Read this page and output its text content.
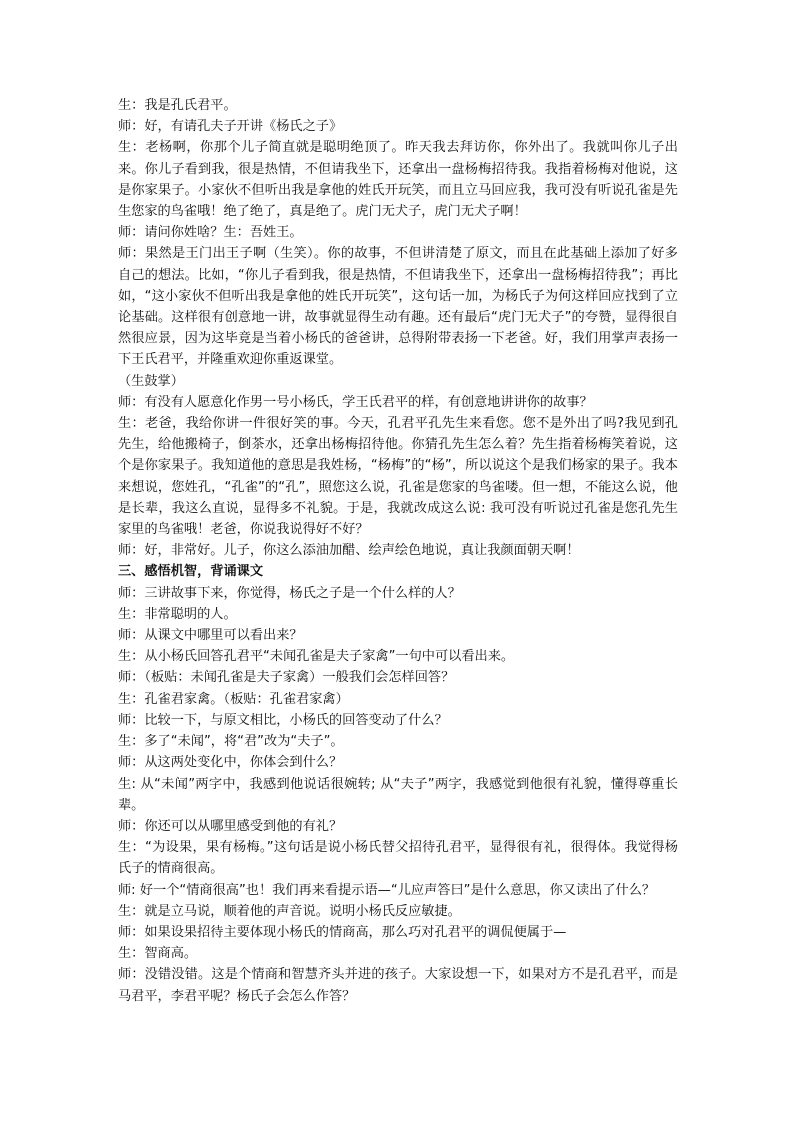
生：我是孔氏君平。

师：好，有请孔夫子开讲《杨氏之子》

生：老杨啊，你那个儿子简直就是聪明绝顶了。昨天我去拜访你，你外出了。我就叫你儿子出来。你儿子看到我，很是热情，不但请我坐下，还拿出一盘杨梅招待我。我指着杨梅对他说，这是你家果子。小家伙不但听出我是拿他的姓氏开玩笑，而且立马回应我，我可没有听说孔雀是先生您家的鸟雀哦！绝了绝了，真是绝了。虎门无犬子，虎门无犬子啊！

师：请问你姓啥？生：吾姓王。

师：果然是王门出王子啊（生笑）。你的故事，不但讲清楚了原文，而且在此基础上添加了好多自己的想法。比如，“你儿子看到我，很是热情，不但请我坐下，还拿出一盘杨梅招待我”；再比如，“这小家伙不但听出我是拿他的姓氏开玩笑”，这句话一加，为杨氏子为何这样回应找到了立论基础。这样很有创意地一讲，故事就显得生动有趣。还有最后“虎门无犬子”的夸赞，显得很自然很应景，因为这毕竟是当着小杨氏的爸爸讲，总得附带表扬一下老爸。好，我们用掌声表扬一下王氏君平，并隆重欢迎你重返课堂。

（生鼓掌）

师：有没有人愿意化作男一号小杨氏，学王氏君平的样，有创意地讲讲你的故事？

生：老爸，我给你讲一件很好笑的事。今天，孔君平孔先生来看您。您不是外出了吗?我见到孔先生，给他搬椅子，倒茶水，还拿出杨梅招待他。你猜孔先生怎么着？先生指着杨梅笑着说，这个是你家果子。我知道他的意思是我姓杨，“杨梅”的“杨”，所以说这个是我们杨家的果子。我本来想说，您姓孔，“孔雀”的“孔”，照您这么说，孔雀是您家的鸟雀喽。但一想，不能这么说，他是长辈，我这么直说，显得多不礼貌。于是，我就改成这么说: 我可没有听说过孔雀是您孔先生家里的鸟雀哦！老爸，你说我说得好不好？

师：好，非常好。儿子，你这么添油加醋、绘声绘色地说，真让我颜面朝天啊！

三、感悟机智，背诵课文

师：三讲故事下来，你觉得，杨氏之子是一个什么样的人？

生：非常聪明的人。

师：从课文中哪里可以看出来？

生：从小杨氏回答孔君平“未闻孔雀是夫子家禽”一句中可以看出来。

师：（板贴：未闻孔雀是夫子家禽）一般我们会怎样回答？

生：孔雀君家禽。（板贴：孔雀君家禽）

师：比较一下，与原文相比，小杨氏的回答变动了什么？

生：多了“未闻”，将“君”改为“夫子”。

师：从这两处变化中，你体会到什么？

生: 从“未闻”两字中，我感到他说话很婉转; 从“夫子”两字，我感觉到他很有礼貌，懂得尊重长辈。

师：你还可以从哪里感受到他的有礼？

生：“为设果，果有杨梅。”这句话是说小杨氏替父招待孔君平，显得很有礼，很得体。我觉得杨氏子的情商很高。

师: 好一个“情商很高”也！我们再来看提示语—“儿应声答曰”是什么意思，你又读出了什么？

生：就是立马说，顺着他的声音说。说明小杨氏反应敏捷。

师：如果设果招待主要体现小杨氏的情商高，那么巧对孔君平的调侃便属于—

生：智商高。

师：没错没错。这是个情商和智慧齐头并进的孩子。大家设想一下，如果对方不是孔君平，而是马君平，李君平呢？杨氏子会怎么作答？
